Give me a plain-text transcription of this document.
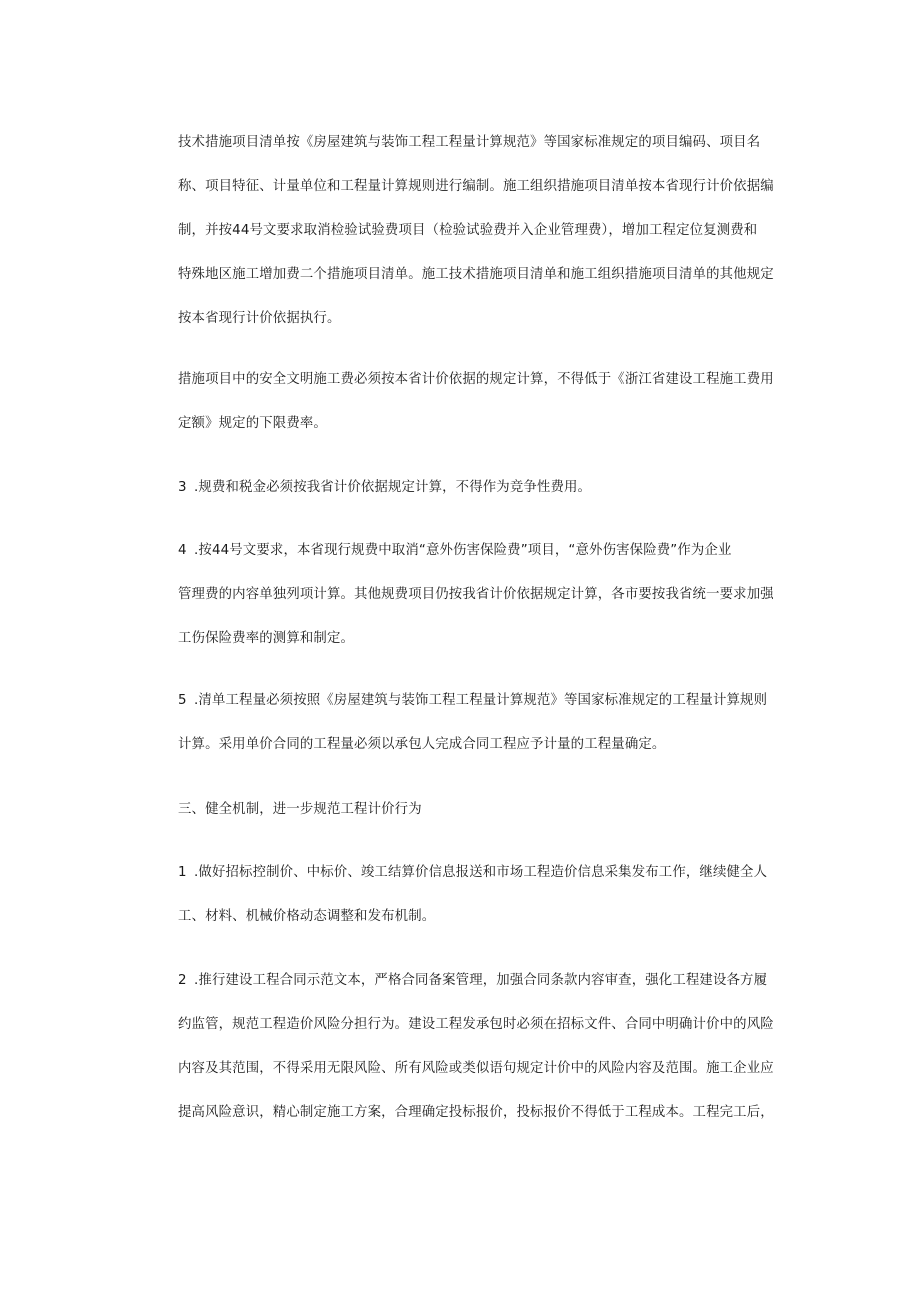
技术措施项目清单按《房屋建筑与装饰工程工程量计算规范》等国家标准规定的项目编码、项目名
称、项目特征、计量单位和工程量计算规则进行编制。施工组织措施项目清单按本省现行计价依据编
制，并按44号文要求取消检验试验费项目（检验试验费并入企业管理费），增加工程定位复测费和
特殊地区施工增加费二个措施项目清单。施工技术措施项目清单和施工组织措施项目清单的其他规定
按本省现行计价依据执行。
措施项目中的安全文明施工费必须按本省计价依据的规定计算，不得低于《浙江省建设工程施工费用
定额》规定的下限费率。
3 .规费和税金必须按我省计价依据规定计算，不得作为竞争性费用。
4 .按44号文要求，本省现行规费中取消“意外伤害保险费”项目，“意外伤害保险费”作为企业
管理费的内容单独列项计算。其他规费项目仍按我省计价依据规定计算，各市要按我省统一要求加强
工伤保险费率的测算和制定。
5 .清单工程量必须按照《房屋建筑与装饰工程工程量计算规范》等国家标准规定的工程量计算规则
计算。采用单价合同的工程量必须以承包人完成合同工程应予计量的工程量确定。
三、健全机制，进一步规范工程计价行为
1 .做好招标控制价、中标价、竣工结算价信息报送和市场工程造价信息采集发布工作，继续健全人
工、材料、机械价格动态调整和发布机制。
2 .推行建设工程合同示范文本，严格合同备案管理，加强合同条款内容审查，强化工程建设各方履
约监管，规范工程造价风险分担行为。建设工程发承包时必须在招标文件、合同中明确计价中的风险
内容及其范围，不得采用无限风险、所有风险或类似语句规定计价中的风险内容及范围。施工企业应
提高风险意识，精心制定施工方案，合理确定投标报价，投标报价不得低于工程成本。工程完工后，
